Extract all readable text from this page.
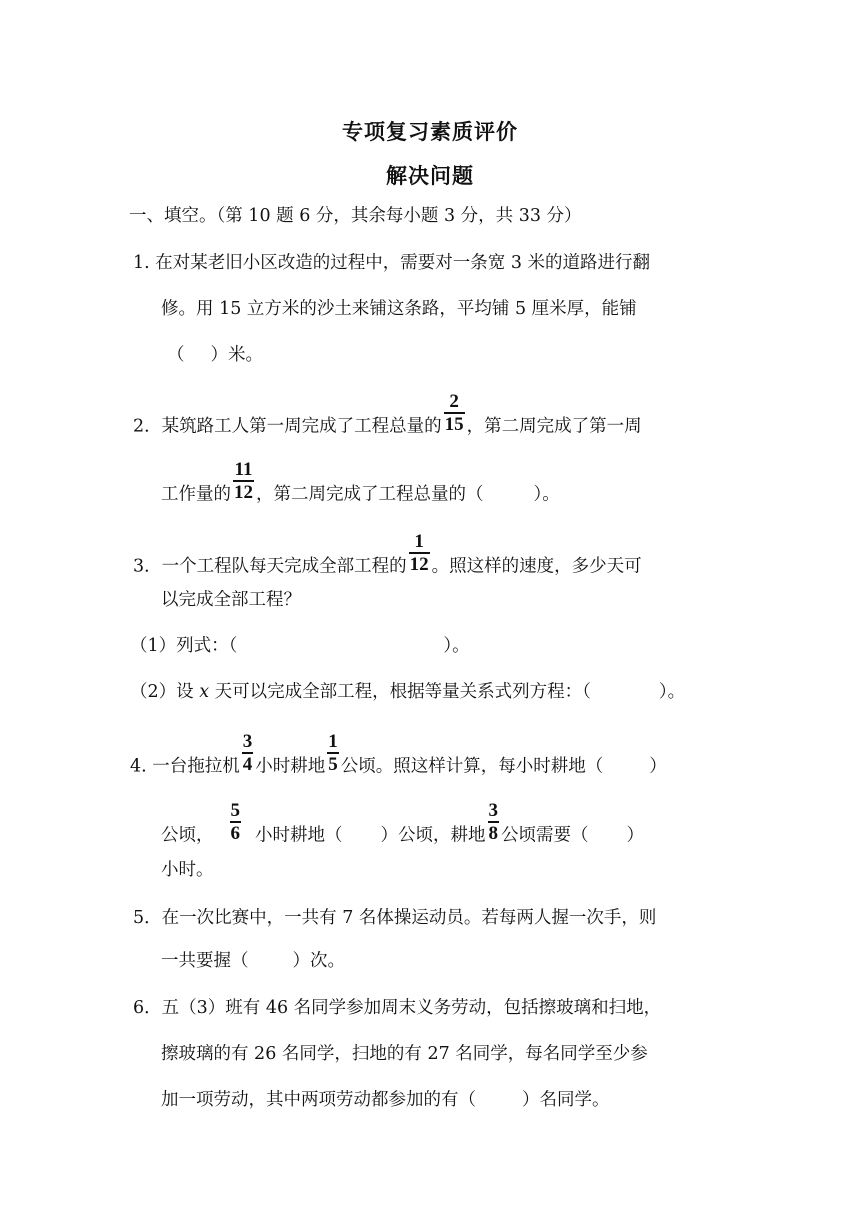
专项复习素质评价
解决问题
一、填空。（第 10 题 6 分，其余每小题 3 分，共 33 分）
1. 在对某老旧小区改造的过程中，需要对一条宽 3 米的道路进行翻
修。用 15 立方米的沙土来铺这条路，平均铺 5 厘米厚，能铺
（ ）米。
2．某筑路工人第一周完成了工程总量的 $\frac{2}{15}$ ，第二周完成了第一周
工作量的 $\frac{11}{12}$ ，第二周完成了工程总量的（	）。
3．一个工程队每天完成全部工程的 $\frac{1}{12}$ 。照这样的速度，多少天可
以完成全部工程？
（1）列式：（	）。
（2）设 x 天可以完成全部工程，根据等量关系式列方程：（	）。
4. 一台拖拉机 $\frac{3}{4}$ 小时耕地 $\frac{1}{5}$ 公顷。照这样计算，每小时耕地（	）
公顷， $\frac{5}{6}$ 小时耕地（ ）公顷，耕地 $\frac{3}{8}$ 公顷需要（ ）
小时。
5．在一次比赛中，一共有 7 名体操运动员。若每两人握一次手，则
一共要握（	）次。
6．五（3）班有 46 名同学参加周末义务劳动，包括擦玻璃和扫地，
擦玻璃的有 26 名同学，扫地的有 27 名同学，每名同学至少参
加一项劳动，其中两项劳动都参加的有（	）名同学。
